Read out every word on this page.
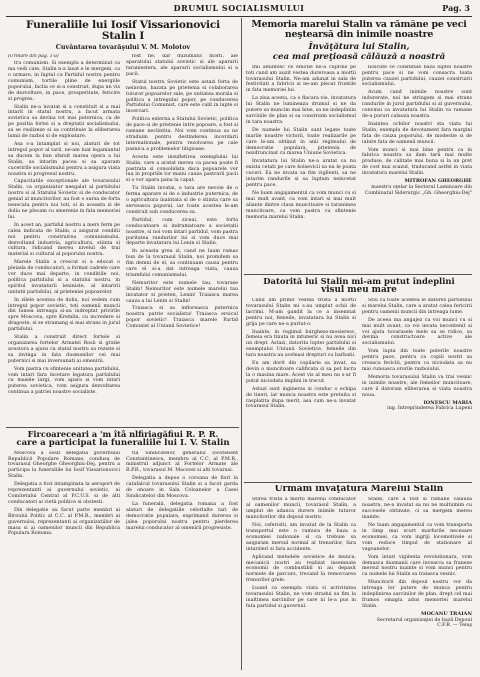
DRUMUL SOCIALISMULUI	Pag. 3
Funeraliile lui Iosif Vissarionovici Stalin I
Cuvântarea tovarăşului V. M. Molotov
(Urmare din pag. 1-a)

tru comunism. Si exemplu a determinat ca ma vedi cate, Stalin n-a lasat e le mergem, ca o urmare, in faptul ca Partidul nostru pentru comunism, tortile pline de energiile poporului, faclia ce si-a construit, dupa un vis de dezvoltare, in pace, prosperitate, fericire si progres.

Stalin ne-a invatat si a constituit si a mai intarit in statul nostru, a facut armata sovietica sa devina tot mai puternica, ca de pe pozitia fortei si a dreptatii socialismului, sa se realizeze si sa contribuie la eliberarea lumii de razboi si de exploatare.

Asa s-a intamplat si noi, alaturi de tot intregul popor al tarii, ne-am luat legamantul sa ducem la bun sfarsit marea opera a lui Stalin, sa intarim pacea si sa aparam cuceririle socialismului pentru a asigura viata noastra si progresul nostru.

Capacitatile exceptionale ale tovarasului Stalin, ca organizator neegalat al partidului nostru si al Statului Sovietic si de conducator genial al muncitorilor, au fost o sursa de forta nesecata pentru noi toti, si in aceasta zi de doliu ne plecam cu smerenie in fata memoriei lui.

In acest an, partidul nostru a mers ferm pe calea indicata de Stalin, a asigurat conditii noi pentru construirea comunismului, dezvoltand industria, agricultura, stiinta si cultura, ridicand mereu nivelul de trai material si cultural al poporului nostru.

Marele Stalin a crescut si a educat o pleiada de conducatori, a format cadrele care vor duce mai departe, in conditiile noi, politica partidului si a statului nostru, in spiritul invataturii leniniste, al intaririi unitatii partidului, al prieteniei popoarelor.

In zilele acestea de doliu, noi vedem cum intregul popor sovietic, toti oamenii muncii din lumea intreaga si-au indreptat privirile spre Moscova, spre Kremlin, cu incredere si dragoste, si se stramang si mai strans in jurul partidului.

Stalin a construit direct fortele si organizarea fortelor Armatei Rosii si gratie acestora a ajuns ca statul nostru sa reziste si sa invinga in fata dusmanilor cei mai puternici si mai inversunati ai omenirii.

Vom pastra cu sfintenie unitatea partidului, vom intari fara incetare legatura partidului cu masele largi, vom apara si vom intari puterea sovietica, vom asigura dezvoltarea continua a patriei noastre socialiste.

fost fie, dar duzumatic morti, ale aparatului statului sovietic si ale apararii taraniestera, ale apararii socialismului si a pacii.

Statul nostru Sovietic este astazi forta de neinvins, bazata pe prietenia si colaborarea tuturor popoarelor sale, pe unitatea morala si politica a intregului popor, pe conducerea Partidului Comunist, care este calit in lupte si incercari.

Politica externa a Statului Sovietic, politica de pace si de prietenie intre popoare, a fost si ramane neclintita. Noi vom continua sa ne straduim pentru destinderea incordarii internationale, pentru rezolvarea pe cale pasnica a problemelor litigioase.

Acesta este insufletirea exemplului lui Stalin, care a aratat mereu ca pacea poate fi pastrata si consolidata daca popoarele vor lua in propriile lor maini cauza pastrarii pacii si o vor apara pana la capat.

Tu Stalin invatai, o tara are nevoie de o ferma aparare si de o industrie puternica, de o agricultura inaintata si de o stiinta care sa serveasca poporul, iar toate acestea le-am construit sub conducerea sa.

Partidul, cum ziceai, este forta conducatoare si indrumatoare a societatii noastre, si noi vom intari partidul, vom pastra puritatea randurilor lui si vom duce mai departe invatatura lui Lenin si Stalin.

In aceasta grea zi, cand ne luam ramas bun de la tovarasul Stalin, noi promitem sa fim demni de el, sa continuam cauza pentru care el si-a dat intreaga viata, cauza triumfului comunismului.

Nemuritor este numele tau, tovarase Stalin! Nemuritor este numele marelui tau invatator si prieten, Lenin! Traiasca marea cauza a lui Lenin si Stalin!

Traiasca si sa infloreasca puternica noastra patrie socialista! Traiasca eroicul popor sovietic! Traiasca marele Partid Comunist al Uniunii Sovietice!

Fircoareceari a 'm îtâ nlfiriagăfiui R. P. R.
care a participat la funeraliile lui I. V. Stalin

Moscova a sosit delegatia guvernului Republicii Populare Romane, condusa de tovarasul Gheorghe Gheorghiu-Dej, pentru a participa la funeraliile lui Iosif Vissarionovici Stalin.

Delegatia a fost intampinata la aeroport de reprezentanti ai guvernului sovietic, ai Comitetului Central al P.C.U.S. si de alti conducatori ai vietii politice si obstesti.

Din delegatie au facut parte membri ai Biroului Politic al C.C. al P.M.R., membri ai guvernului, reprezentanti ai organizatiilor de masa si ai oamenilor muncii din Republica Populara Romana.

tul Sindicatelor, generalul locotenent Constantinescu, membru al C.C. al P.M.R., ministrul adjunct al Fortelor Armate ale R.P.R., tovarasul M. Macovei si alti tovarasi.

Delegatia a depus o coroana de flori la catafalcul tovarasului Stalin si a facut garda de onoare in Sala Coloanelor a Casei Sindicatelor din Moscova.

La funeralii, delegatia romana a fost alaturi de delegatiile celorlalte tari de democratie populara, exprimand durerea si jalea poporului nostru pentru pierderea marelui conducator al omenirii progresiste.

Memoria marelui Stalin va rămâne pe veci neştearsă din inimile noastre
Învăţătura lui Stalin,
cea mai preţioasă călăuză a noastră

Imi amintesc ce emotie ne-a cuprins pe toti cand am auzit vestea dureroasa a mortii tovarasului Stalin. Ne-am adunat in sala de festivitati a fabricii si ne-am plecat fruntile in fata memoriei lui.

La ziua acesta, ca o flacara vie, invatatura lui Stalin ne lumineaza drumul si ne da putere sa muncim mai bine, sa ne indeplinim sarcinile de plan si sa construim socialismul in tara noastra.

De numele lui Stalin sunt legate toate marile noastre victorii, toate realizarile pe care le-am obtinut in anii regimului de democratie populara, prietenia de nezdruncinat cu marea Uniune Sovietica.

Invatatura lui Stalin ne-a aratat ca nu exista cetati pe care bolsevicii sa nu le poata cuceri. Ea ne invata sa fim vigilenti, sa ne intarim randurile si sa luptam neincetat pentru pace.

Ne luam angajamentul ca vom munci cu si mai mult avant, ca vom intari si mai mult aliante dintre clasa muncitoare si taranimea muncitoare, ca vom pastra cu sfintenie memoria marelui Stalin.

noscute ce constituie baza luptei noastre pentru pace si ne vom consacra toata puterea cauzei partidului, cauzei construirii socialismului.

Acum cand inimile noastre sunt indurerate, noi ne stringem si mai strans randurile in jurul partidului si al guvernului, convinsi ca invatatura lui Stalin va ramane de-a pururi calauza noastra.

Inaintea ochilor noastri sta viata lui Stalin, exemplu de devotament fara margini fata de cauza poporului, de modestie si de iubire fata de oamenii muncii.

Vom munci si mai bine pentru ca in fabrica noastra sa dam tarii mai multe produse, de calitate mai buna si la un pret de cost mai scazut, traducand astfel in viata invatatura marelui Stalin.

MITROFAN GHEORGHE
maestru oţelar la Sectorul Laminoare din Combinatul Siderurgic „Gh. Gheorghiu-Dej"
Datorită lui Stalin mi-am putut îndeplini
visul meu mare

Cand am primit vestea trista a mortii tovarasului Stalin mi s-au umplut ochii de lacrimi. M-am gandit la ce a insemnat pentru noi, femeile, invatatura lui Stalin si grija pe care ne-a purtat-o.

Inainte, in regimul burghezo-mosieresc, femeia era tinuta in intuneric si nu avea nici un drept. Astazi, datorita luptei partidului si exemplului Uniunii Sovietice, femeile din tara noastra au aceleasi drepturi cu barbatii.

Eu am dorit din copilarie sa invat, sa devin o muncitoare calificata si sa pot lucra la o masina mare. Acest vis al meu nu s-ar fi putut niciodata implini in trecut.

Astazi sunt ingineras si conduc o echipa de tineri, iar munca noastra este pretuita si rasplatita dupa merit, asa cum ne-a invatat tovarasul Stalin.

Stiu ca toate acestea le datorez partidului si marelui Stalin, care a aratat calea fericirii pentru oamenii muncii din intreaga lume.

De aceea ma angajez ca voi munci cu si mai mult avant, ca voi invata necontenit si voi ajuta tovarasele mele sa se ridice, sa devina constructoare active ale socialismului.

Vom lupta din toate puterile noastre pentru pace, pentru ca copiii nostri sa creasca fericiti, pentru ca niciodata sa nu mai cunoasca ororile razboiului.

Memoria tovarasului Stalin va trai vesnic in inimile noastre, ale femeilor muncitoare, care ii datoram eliberarea si viata noastra noua.

IONESCU MARIA
ing. Intreprinderea Fabrica Lupeni
Urmăm învăţătura Marelui Stalin

Stirea trista a mortii marelui conducator al oamenilor muncii, tovarasul Stalin, a umplut de adanca durere inimile tuturor muncitorilor din depoul nostru.

Noi, ceferistii, am invatat de la Stalin ca transportul este o ramura de baza a economiei nationale si ca trebuie sa asiguram mersul normal al trenurilor, fara intarzieri si fara accidente.

Aplicand metodele sovietice de munca, mecanicii nostri au realizat insemnate economii de combustibil si au depasit normele de parcurs, trecand la remorcarea trenurilor grele.

Luand ca exemplu viata si activitatea tovarasului Stalin, ne vom stradui sa fim la inaltimea sarcinilor pe care ni le-a pus in fata partidul si guvernul.

Stalin, care a fost si ramane calauza noastra, ne-a invatat sa nu ne multumim cu succesele obtinute, ci sa mergem mereu inainte.

Ne luam angajamentul ca vom transporta in timp mai scurt marfurile necesare economiei, ca vom ingriji locomotivele si vom reduce timpul de stationare al vagoanelor.

Vom intari vigilenta revolutionara, vom demasca dusmanii care incearca sa franeze mersul nostru inainte si vom munci pentru ca numele lui Stalin sa traiasca vesnic.

Muncitorii din depoul nostru vor da intreaga lor putere de munca pentru indeplinirea sarcinilor de plan, drept cel mai frumos omagiu adus memoriei marelui Stalin.

MOCANU TRAIAN
Secretarul organizaţiei de bază Depoul C.F.R. — Teiuş
